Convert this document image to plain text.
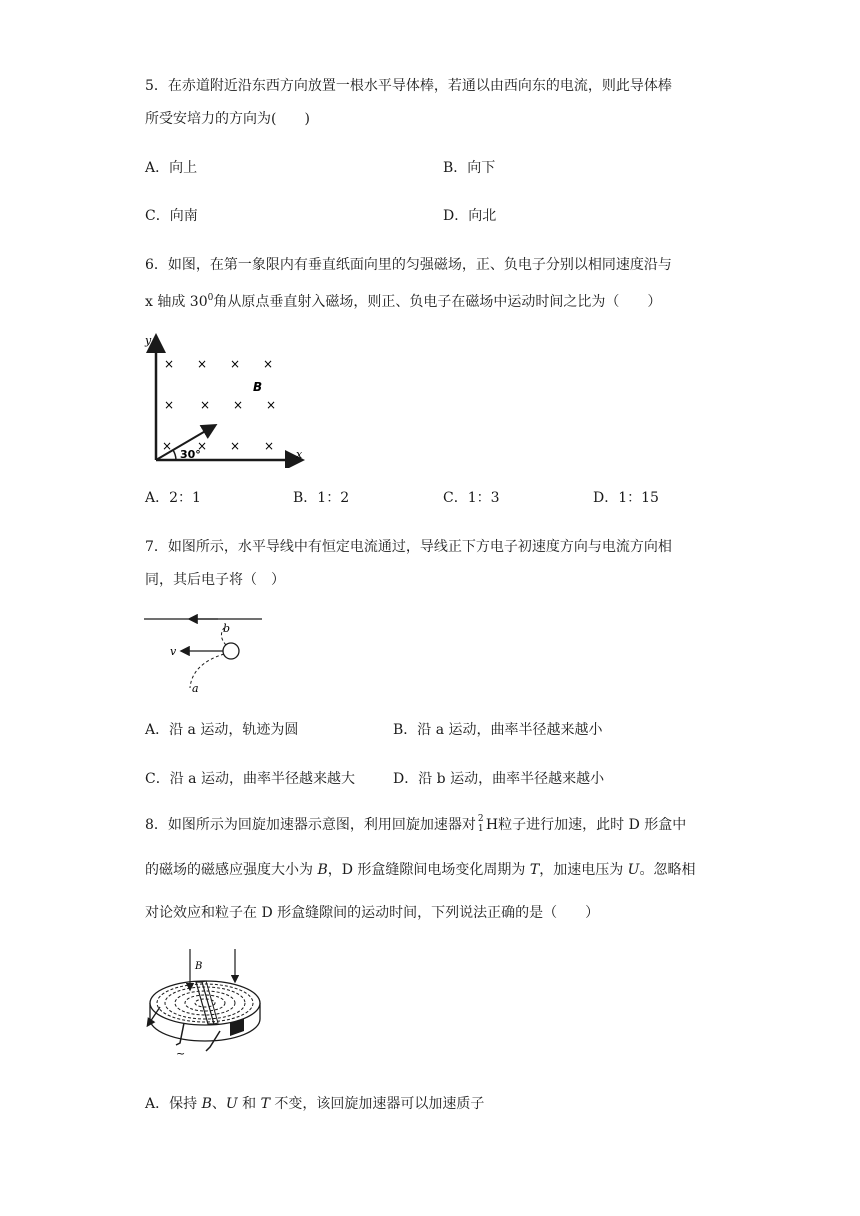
5．在赤道附近沿东西方向放置一根水平导体棒，若通以由西向东的电流，则此导体棒
所受安培力的方向为(　　)
A．向上	B．向下
C．向南	D．向北
6．如图，在第一象限内有垂直纸面向里的匀强磁场，正、负电子分别以相同速度沿与
x 轴成 $30^0$角从原点垂直射入磁场，则正、负电子在磁场中运动时间之比为（　　）
y
x
B
× × × ×
× × × ×
× × × ×
30°
A．2：1	B．1：2	C．1：3	D．1：15
7．如图所示，水平导线中有恒定电流通过，导线正下方电子初速度方向与电流方向相
同，其后电子将（　）
v
a
b
A．沿 a 运动，轨迹为圆	B．沿 a 运动，曲率半径越来越小
C．沿 a 运动，曲率半径越来越大	D．沿 b 运动，曲率半径越来越小
8．如图所示为回旋加速器示意图，利用回旋加速器对 2
1 H粒子进行加速，此时 D 形盒中
的磁场的磁感应强度大小为 B，D 形盒缝隙间电场变化周期为 T，加速电压为 U。忽略相
对论效应和粒子在 D 形盒缝隙间的运动时间，下列说法正确的是（　　）
B
~
A．保持 B、U 和 T 不变，该回旋加速器可以加速质子
